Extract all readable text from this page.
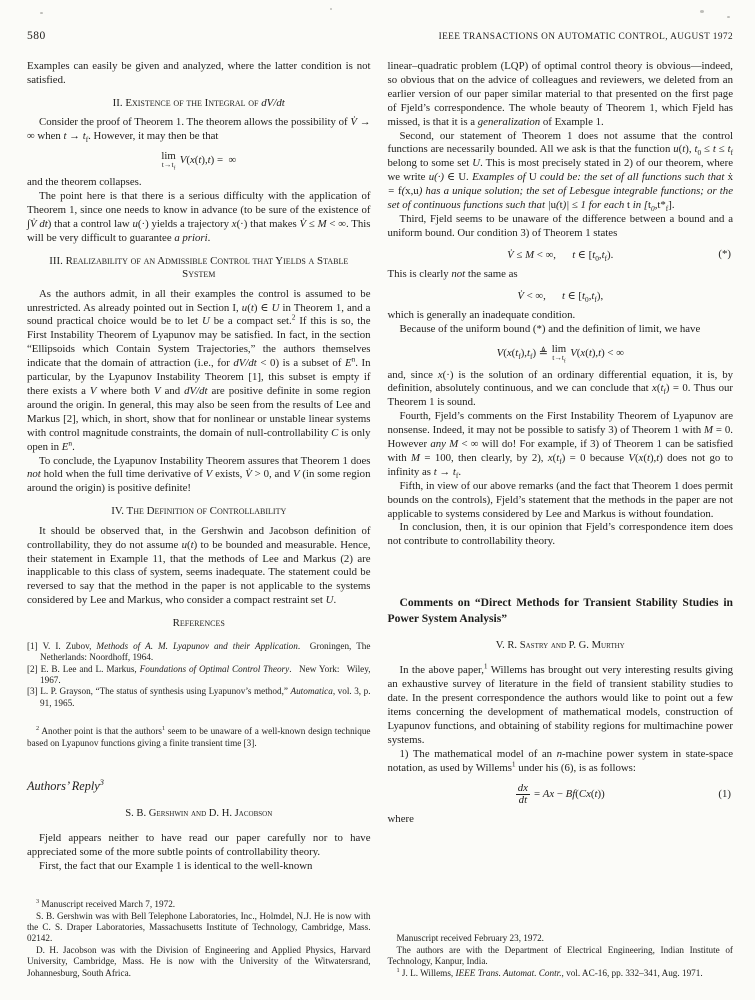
580	IEEE TRANSACTIONS ON AUTOMATIC CONTROL, AUGUST 1972

Examples can easily be given and analyzed, where the latter condition is not satisfied.

II. Existence of the Integral of dV/dt

Consider the proof of Theorem 1. The theorem allows the possibility of V̇ → ∞ when $t \to t_f$. However, it may then be that

lim
$t\to t_f$
V(x(t),t) = ∞

and the theorem collapses.

The point here is that there is a serious difficulty with the application of Theorem 1, since one needs to know in advance (to be sure of the existence of ∫V̇ dt) that a control law u(·) yields a trajectory x(·) that makes V̇ ≤ M < ∞. This will be very difficult to guarantee a priori.

III. Realizability of an Admissible Control that Yields a Stable System

As the authors admit, in all their examples the control is assumed to be unrestricted. As already pointed out in Section I, u(t) ∈ U in Theorem 1, and a sound practical choice would be to let U be a compact set.$^2$ If this is so, the First Instability Theorem of Lyapunov may be satisfied. In fact, in the section “Ellipsoids which Contain System Trajectories,” the authors themselves indicate that the domain of attraction (i.e., for dV/dt < 0) is a subset of $E^n$. In particular, by the Lyapunov Instability Theorem [1], this subset is empty if there exists a V where both V and dV/dt are positive definite in some region around the origin. In general, this may also be seen from the results of Lee and Markus [2], which, in short, show that for nonlinear or unstable linear systems with control magnitude constraints, the domain of null-controllability C is only open in $E^n$.

To conclude, the Lyapunov Instability Theorem assures that Theorem 1 does not hold when the full time derivative of V exists, V̇ > 0, and V (in some region around the origin) is positive definite!

IV. The Definition of Controllability

It should be observed that, in the Gershwin and Jacobson definition of controllability, they do not assume u(t) to be bounded and measurable. Hence, their statement in Example 11, that the methods of Lee and Markus (2) are inapplicable to this class of system, seems inadequate. The statement could be reversed to say that the method in the paper is not applicable to the systems considered by Lee and Markus, who consider a compact restraint set U.

References

[1] V. I. Zubov, Methods of A. M. Lyapunov and their Application.  Groningen, The Netherlands: Noordhoff, 1964.

[2] E. B. Lee and L. Markus, Foundations of Optimal Control Theory.  New York:  Wiley, 1967.

[3] L. P. Grayson, “The status of synthesis using Lyapunov’s method,” Automatica, vol. 3, p. 91, 1965.

$^2$ Another point is that the authors$^1$ seem to be unaware of a well-known design technique based on Lyapunov functions giving a finite transient time [3].

Authors’ Reply$^3$
S. B. Gershwin and D. H. Jacobson

Fjeld appears neither to have read our paper carefully nor to have appreciated some of the more subtle points of controllability theory.

First, the fact that our Example 1 is identical to the well-known

$^3$ Manuscript received March 7, 1972.

S. B. Gershwin was with Bell Telephone Laboratories, Inc., Holmdel, N.J. He is now with the C. S. Draper Laboratories, Massachusetts Institute of Technology, Cambridge, Mass. 02142.

D. H. Jacobson was with the Division of Engineering and Applied Physics, Harvard University, Cambridge, Mass. He is now with the University of the Witwatersrand, Johannesburg, South Africa.

linear–quadratic problem (LQP) of optimal control theory is obvious—indeed, so obvious that on the advice of colleagues and reviewers, we deleted from an earlier version of our paper similar material to that presented on the first page of Fjeld’s correspondence. The whole beauty of Theorem 1, which Fjeld has missed, is that it is a generalization of Example 1.

Second, our statement of Theorem 1 does not assume that the control functions are necessarily bounded. All we ask is that the function u(t), $t_0 \le t \le t_f$ belong to some set U. This is most precisely stated in 2) of our theorem, where we write u(·) ∈ U. Examples of U could be: the set of all functions such that ẋ = f(x,u) has a unique solution; the set of Lebesgue integrable functions; or the set of continuous functions such that |u(t)| ≤ 1 for each t in $[t_0,t*_f]$.

Third, Fjeld seems to be unaware of the difference between a bound and a uniform bound. Our condition 3) of Theorem 1 states

V̇ ≤ M < ∞,  t ∈ $[t_0,t_f)$.	(*)

This is clearly not the same as

V̇ < ∞,  t ∈ $[t_0,t_f)$,

which is generally an inadequate condition.

Because of the uniform bound (*) and the definition of limit, we have

$V(x(t_f),t_f)$ ≜ lim
$t\to t_f$
V(x(t),t) < ∞

and, since x(·) is the solution of an ordinary differential equation, it is, by definition, absolutely continuous, and we can conclude that $x(t_f) = 0$. Thus our Theorem 1 is sound.

Fourth, Fjeld’s comments on the First Instability Theorem of Lyapunov are nonsense. Indeed, it may not be possible to satisfy 3) of Theorem 1 with M = 0. However any M < ∞ will do! For example, if 3) of Theorem 1 can be satisfied with M = 100, then clearly, by 2), $x(t_f) = 0$ because V(x(t),t) does not go to infinity as $t \to t_f$.

Fifth, in view of our above remarks (and the fact that Theorem 1 does permit bounds on the controls), Fjeld’s statement that the methods in the paper are not applicable to systems considered by Lee and Markus is without foundation.

In conclusion, then, it is our opinion that Fjeld’s correspondence item does not contribute to controllability theory.

Comments on “Direct Methods for Transient Stability Studies in Power System Analysis”

V. R. Sastry and P. G. Murthy

In the above paper,$^1$ Willems has brought out very interesting results giving an exhaustive survey of literature in the field of transient stability studies to date. In the present correspondence the authors would like to point out a few items concerning the development of mathematical models, construction of Lyapunov functions, and obtaining of stability regions for multimachine power systems.

1) The mathematical model of an n-machine power system in state-space notation, as used by Willems$^1$ under his (6), is as follows:

$\frac{dx}{dt} = Ax - Bf(Cx(t))$	(1)

where

Manuscript received February 23, 1972.

The authors are with the Department of Electrical Engineering, Indian Institute of Technology, Kanpur, India.

$^1$ J. L. Willems, IEEE Trans. Automat. Contr., vol. AC-16, pp. 332–341, Aug. 1971.
